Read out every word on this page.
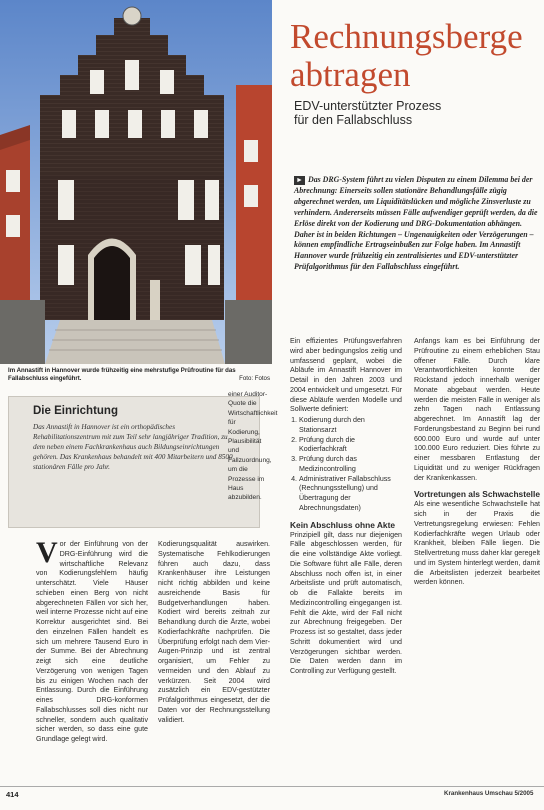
Im Annastift in Hannover wurde frühzeitig eine mehrstufige Prüfroutine für das Fallabschluss eingeführt.	Foto: Fotos
Rechnungsberge
abtragen
EDV-unterstützter Prozess
für den Fallabschluss
► Das DRG-System führt zu vielen Disputen zu einem Dilemma bei der Abrechnung: Einerseits sollen stationäre Behandlungsfälle zügig abgerechnet werden, um Liquiditätslücken und mögliche Zinsverluste zu verhindern. Andererseits müssen Fälle aufwendiger geprüft werden, da die Erlöse direkt von der Kodierung und DRG-Dokumentation abhängen. Daher ist in beiden Richtungen – Ungenauigkeiten oder Verzögerungen – können empfindliche Ertragseinbußen zur Folge haben. Im Annastift Hannover wurde frühzeitig ein zentralisiertes und EDV-unterstützter Prüfalgorithmus für den Fallabschluss eingeführt.
Die Einrichtung

Das Annastift in Hannover ist ein orthopädisches Rehabilitationszentrum mit zum Teil sehr langjähriger Tradition, zu dem neben einem Fachkrankenhaus auch Bildungseinrichtungen gehören. Das Krankenhaus behandelt mit 400 Mitarbeitern und 8500 stationären Fälle pro Jahr.

Vor der Einführung von der DRG-Einführung wird die wirtschaftliche Relevanz von Kodierungsfehlern häufig unterschätzt. Viele Häuser schieben einen Berg von nicht abgerechneten Fällen vor sich her, weil interne Prozesse nicht auf eine Korrektur ausgerichtet sind. Bei den einzelnen Fällen handelt es sich um mehrere Tausend Euro in der Summe. Bei der Abrechnung zeigt sich eine deutliche Verzögerung von wenigen Tagen bis zu einigen Wochen nach der Entlassung. Durch die Einführung eines DRG-konformen Fallabschlusses soll dies nicht nur schneller, sondern auch qualitativ sicher werden, so dass eine gute Grundlage gelegt wird.

einer Auditor-Quote die Wirtschaftlichkeit für Kodierung, Plausibilität und Fallzuordnung, um die Prozesse im Haus abzubilden.

Kodierungsqualität auswirken. Systematische Fehlkodierungen führen auch dazu, dass Krankenhäuser ihre Leistungen nicht richtig abbilden und keine ausreichende Basis für Budgetverhandlungen haben. Kodiert wird bereits zeitnah zur Behandlung durch die Ärzte, wobei Kodierfachkräfte nachprüfen. Die Überprüfung erfolgt nach dem Vier-Augen-Prinzip und ist zentral organisiert, um Fehler zu vermeiden und den Ablauf zu verkürzen. Seit 2004 wird zusätzlich ein EDV-gestützter Prüfalgorithmus eingesetzt, der die Daten vor der Rechnungsstellung validiert.

Ein effizientes Prüfungsverfahren wird aber bedingungslos zeitig und umfassend geplant, wobei die Abläufe im Annastift Hannover im Detail in den Jahren 2003 und 2004 entwickelt und umgesetzt. Für diese Abläufe werden Modelle und Sollwerte definiert:

1. Kodierung durch den Stationsarzt
2. Prüfung durch die Kodierfachkraft
3. Prüfung durch das Medizincontrolling
4. Administrativer Fallabschluss (Rechnungsstellung) und Übertragung der Abrechnungsdaten)
Kein Abschluss ohne Akte

Prinzipiell gilt, dass nur diejenigen Fälle abgeschlossen werden, für die eine vollständige Akte vorliegt. Die Software führt alle Fälle, deren Abschluss noch offen ist, in einer Arbeitsliste und prüft automatisch, ob die Fallakte bereits im Medizincontrolling eingegangen ist. Fehlt die Akte, wird der Fall nicht zur Abrechnung freigegeben. Der Prozess ist so gestaltet, dass jeder Schritt dokumentiert wird und Verzögerungen sichtbar werden. Die Daten werden dann im Controlling zur Verfügung gestellt.

Anfangs kam es bei Einführung der Prüfroutine zu einem erheblichen Stau offener Fälle. Durch klare Verantwortlichkeiten konnte der Rückstand jedoch innerhalb weniger Monate abgebaut werden. Heute werden die meisten Fälle in weniger als zehn Tagen nach Entlassung abgerechnet. Im Annastift lag der Forderungsbestand zu Beginn bei rund 600.000 Euro und wurde auf unter 100.000 Euro reduziert. Dies führte zu einer messbaren Entlastung der Liquidität und zu weniger Rückfragen der Krankenkassen.

Vortretungen als Schwachstelle

Als eine wesentliche Schwachstelle hat sich in der Praxis die Vertretungsregelung erwiesen: Fehlen Kodierfachkräfte wegen Urlaub oder Krankheit, bleiben Fälle liegen. Die Stellvertretung muss daher klar geregelt und im System hinterlegt werden, damit die Arbeitslisten jederzeit bearbeitet werden können.

414	Krankenhaus Umschau 5/2005
